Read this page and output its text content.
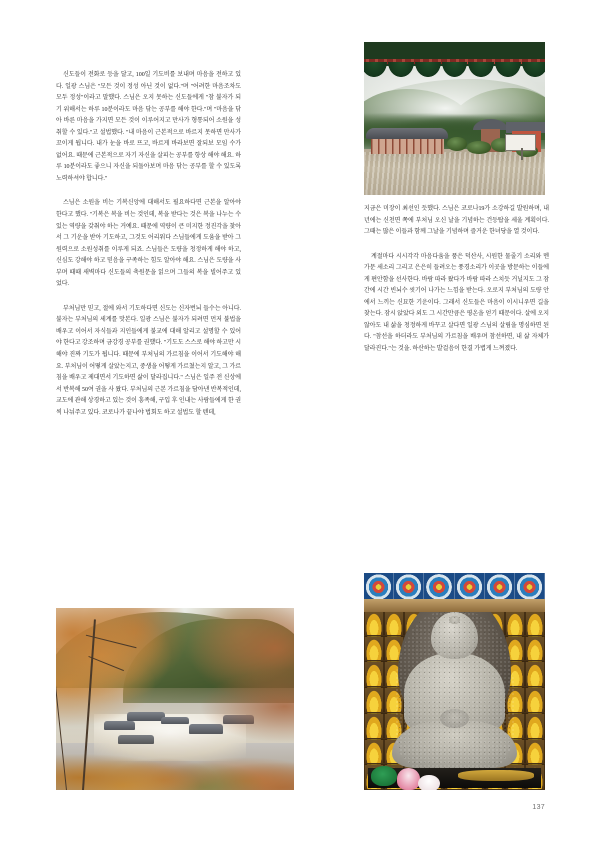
신도들이 전화로 등을 달고, 100일 기도비를 보내며 마음을 전하고 있다. 일광 스님은 "모든 것이 정성 아닌 것이 없다."며 "어려한 마음조차도 모두 정성"이라고 말했다. 스님은 오지 못하는 신도들에게 "참 불자가 되기 위해서는 하루 10분이라도 마음 닦는 공부를 해야 한다."며 "마음을 닦아 바른 마음을 가지면 모든 것이 이루어지고 만사가 형통되어 소원을 성취할 수 있다."고 설법했다. "내 마음이 근본적으로 바르지 못하면 만사가 꼬이게 됩니다. 내가 눈을 바로 뜨고, 바르게 바라보면 잘되보 모임 수가 없어요. 때문에 근본적으로 자기 자신을 살피는 공부를 항상 해야 해요. 하루 10분이라도 좋으니 자신을 되돌아보며 마음 닦는 공부를 할 수 있도록 노력하셔야 합니다."

스님은 소원을 비는 기복신앙에 대해서도 필요하다면 근본을 알아야 한다고 했다. "기복은 복을 비는 것인데, 복을 받다는 것은 복을 나누는 수 있는 역량을 갖춰야 하는 거예요. 때문에 역량이 큰 미지한 정진각을 찾아서 그 기운을 받아 기도하고, 그것도 어리워다 스님들에게 도움을 받아 그 원력으로 소원성취를 이루게 되죠. 스님들은 도량을 청정하게 해야 하고, 신심도 강해야 하고 믿음을 구족하는 힘도 알아야 해요. 스님은 도량을 사부며 때때 새벽마다 신도들의 축원문을 읽으며 그들의 복을 빌어주고 있었다.

부처님만 믿고, 절에 와서 기도하다면 신도는 신자번뇌 들수는 아니다. 불자는 부처님의 세계를 맛본다. 일광 스님은 불자가 되려면 먼저 불법을 배우고 이어서 자식들과 지인들에게 불교에 대해 알리고 설명할 수 있어야 한다고 강조하며 금강경 공부를 권했다. "기도도 스스로 해야 하고만 시 해야 진짜 기도가 됩니다. 때문에 부처님의 가르침을 이어서 기도해야 해요. 부처님이 어떻게 살았는지고, 중생을 어떻게 가르쳤는지 알고, 그 가르침을 배우고 제대면서 기도하면 삶이 달라집니다." 스님은 일주 전 신상에서 반복해 50여 권을 사 왔다. 부처님의 근본 가르침을 담아낸 반복적인데, 교도에 관해 상경하고 있는 것이 흥족해, 구입 후 인내는 사람들에게 한 권씩 나눠주고 있다. 코로나가 끝나야 법회도 하고 설법도 할 텐데,

지금은 미장이 최선인 듯했다. 스님은 코로나19가 소강하길 발원하며, 내년에는 신천면 쪽에 부처님 오신 날을 기념하는 건등탑을 세울 계획이다. 그때는 많은 이들과 함께 그날을 기념하며 즐거운 한녀당을 열 것이다.

계절마다 시시각각 마음다움을 품은 덕산사, 시원한 물줄기 소리와 멘가문 세소리 그리고 은은히 들려오는 풍경소리가 이곳을 방문하는 이들에게 편안함을 선사한다. 바람 따라 왔다가 바람 따라 스치듯 거닐지도 그 잠간에 시간 빈뇌수 씻기어 나가는 느낌을 받는다. 오로지 부처님의 도량 안에서 느끼는 신묘한 기운이다. 그래서 신도들은 마음이 이시니우면 길을 찾는다. 잠시 앉았다 외도 그 시간만큼은 평온을 얻기 때문이다. 살에 오지 않아도 내 삶을 청정하게 바꾸고 살다면 일광 스님의 살림을 명심하면 된다. "참선을 하더라도 부처님의 가르침을 배우며 참선하면, 내 삶 자체가 달라진다."는 것을. 하산하는 발걸음이 한결 가볍게 느껴졌다.

137
